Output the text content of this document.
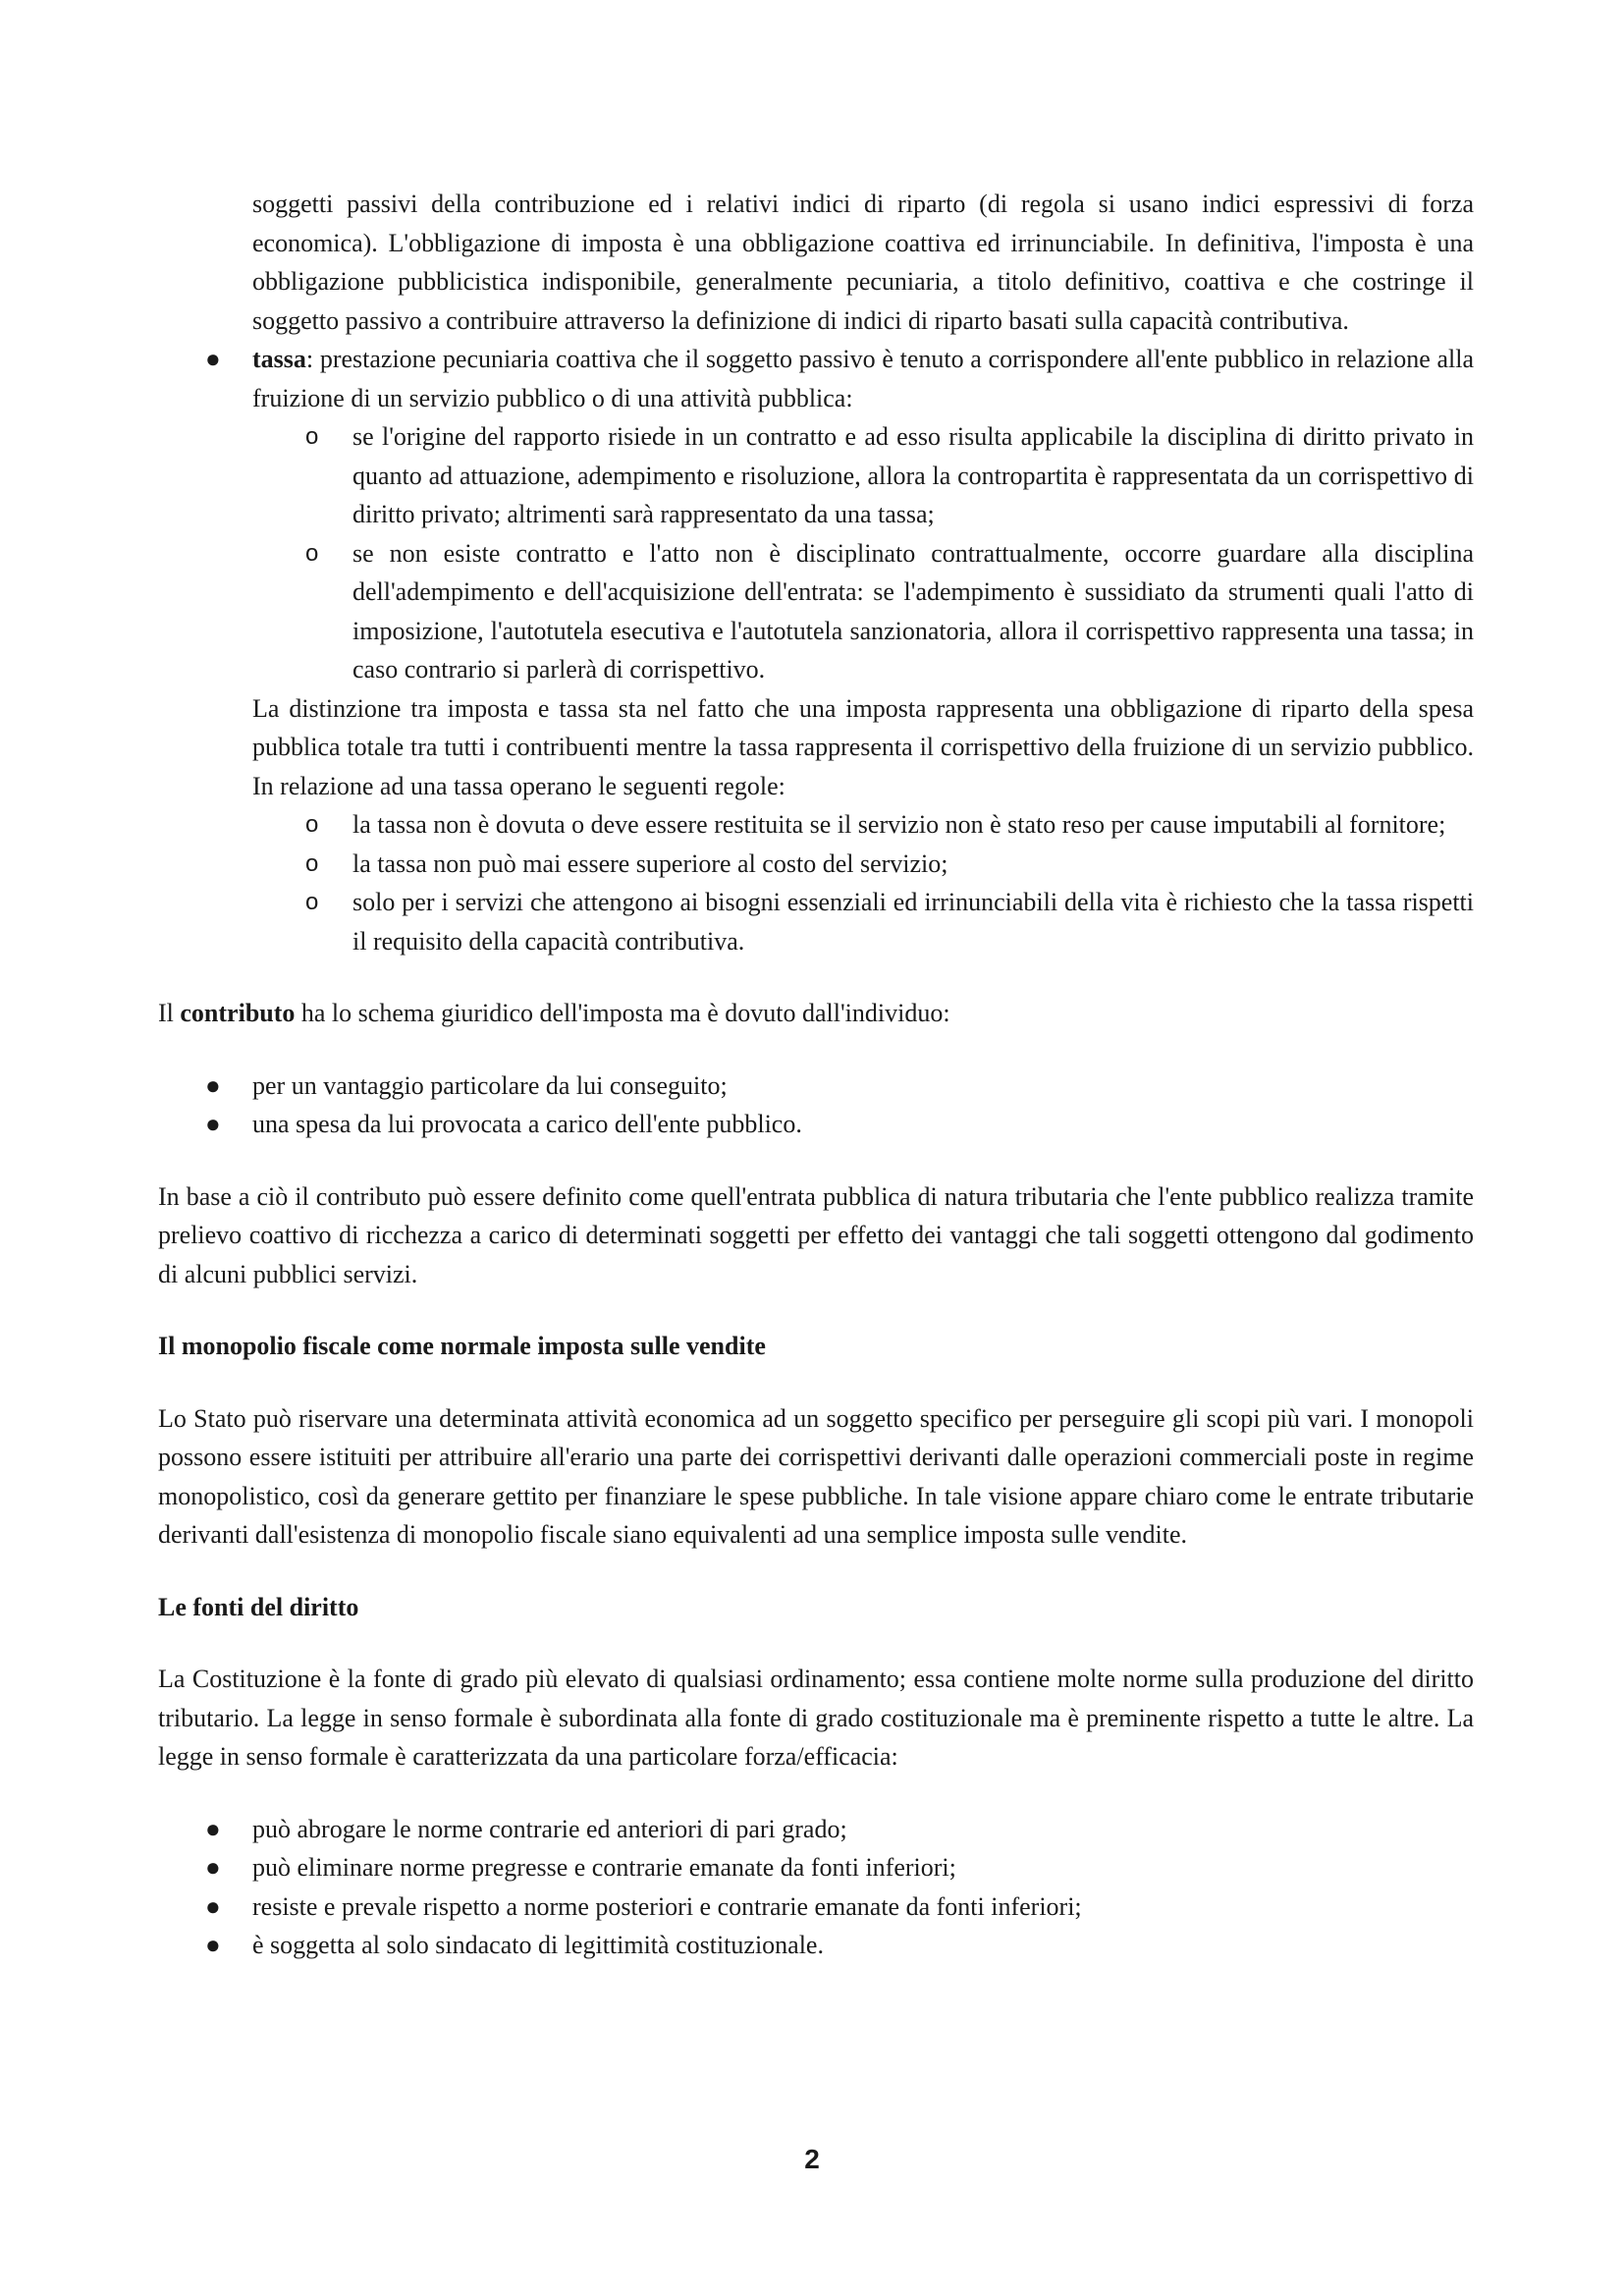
soggetti passivi della contribuzione ed i relativi indici di riparto (di regola si usano indici espressivi di forza economica). L'obbligazione di imposta è una obbligazione coattiva ed irrinunciabile. In definitiva, l'imposta è una obbligazione pubblicistica indisponibile, generalmente pecuniaria, a titolo definitivo, coattiva e che costringe il soggetto passivo a contribuire attraverso la definizione di indici di riparto basati sulla capacità contributiva.

● tassa: prestazione pecuniaria coattiva che il soggetto passivo è tenuto a corrispondere all'ente pubblico in relazione alla fruizione di un servizio pubblico o di una attività pubblica:

o se l'origine del rapporto risiede in un contratto e ad esso risulta applicabile la disciplina di diritto privato in quanto ad attuazione, adempimento e risoluzione, allora la contropartita è rappresentata da un corrispettivo di diritto privato; altrimenti sarà rappresentato da una tassa;

o se non esiste contratto e l'atto non è disciplinato contrattualmente, occorre guardare alla disciplina dell'adempimento e dell'acquisizione dell'entrata: se l'adempimento è sussidiato da strumenti quali l'atto di imposizione, l'autotutela esecutiva e l'autotutela sanzionatoria, allora il corrispettivo rappresenta una tassa; in caso contrario si parlerà di corrispettivo.

La distinzione tra imposta e tassa sta nel fatto che una imposta rappresenta una obbligazione di riparto della spesa pubblica totale tra tutti i contribuenti mentre la tassa rappresenta il corrispettivo della fruizione di un servizio pubblico. In relazione ad una tassa operano le seguenti regole:

o la tassa non è dovuta o deve essere restituita se il servizio non è stato reso per cause imputabili al fornitore;

o la tassa non può mai essere superiore al costo del servizio;

o solo per i servizi che attengono ai bisogni essenziali ed irrinunciabili della vita è richiesto che la tassa rispetti il requisito della capacità contributiva.

Il contributo ha lo schema giuridico dell'imposta ma è dovuto dall'individuo:

● per un vantaggio particolare da lui conseguito;

● una spesa da lui provocata a carico dell'ente pubblico.

In base a ciò il contributo può essere definito come quell'entrata pubblica di natura tributaria che l'ente pubblico realizza tramite prelievo coattivo di ricchezza a carico di determinati soggetti per effetto dei vantaggi che tali soggetti ottengono dal godimento di alcuni pubblici servizi.

Il monopolio fiscale come normale imposta sulle vendite

Lo Stato può riservare una determinata attività economica ad un soggetto specifico per perseguire gli scopi più vari. I monopoli possono essere istituiti per attribuire all'erario una parte dei corrispettivi derivanti dalle operazioni commerciali poste in regime monopolistico, così da generare gettito per finanziare le spese pubbliche. In tale visione appare chiaro come le entrate tributarie derivanti dall'esistenza di monopolio fiscale siano equivalenti ad una semplice imposta sulle vendite.

Le fonti del diritto

La Costituzione è la fonte di grado più elevato di qualsiasi ordinamento; essa contiene molte norme sulla produzione del diritto tributario. La legge in senso formale è subordinata alla fonte di grado costituzionale ma è preminente rispetto a tutte le altre. La legge in senso formale è caratterizzata da una particolare forza/efficacia:

● può abrogare le norme contrarie ed anteriori di pari grado;

● può eliminare norme pregresse e contrarie emanate da fonti inferiori;

● resiste e prevale rispetto a norme posteriori e contrarie emanate da fonti inferiori;

● è soggetta al solo sindacato di legittimità costituzionale.

2
